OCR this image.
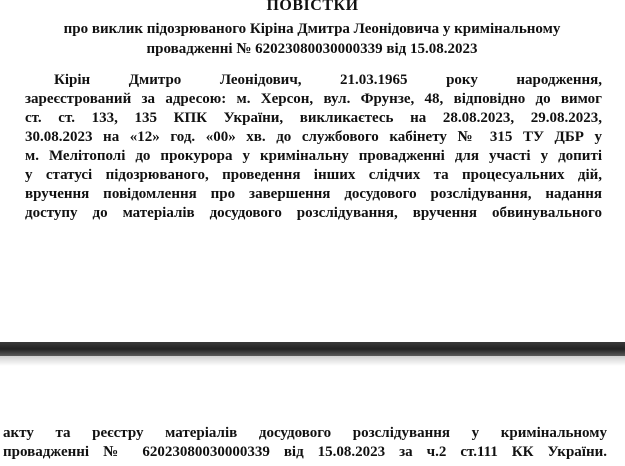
ПОВІСТКИ
про виклик підозрюваного Кіріна Дмитра Леонідовича у кримінальному
провадженні № 62023080030000339 від 15.08.2023
Кірін Дмитро Леонідович, 21.03.1965 року народження,
зареєстрований за адресою: м. Херсон, вул. Фрунзе, 48, відповідно до вимог
ст. ст. 133, 135 КПК України, викликаєтесь на 28.08.2023, 29.08.2023,
30.08.2023 на «12» год. «00» хв. до службового кабінету № 315 ТУ ДБР у
м. Мелітополі до прокурора у кримінальну провадженні для участі у допиті
у статусі підозрюваного, проведення інших слідчих та процесуальних дій,
вручення повідомлення про завершення досудового розслідування, надання
доступу до матеріалів досудового розслідування, вручення обвинувального
акту та реєстру матеріалів досудового розслідування у кримінальному
провадженні № 62023080030000339 від 15.08.2023 за ч.2 ст.111 КК України.
